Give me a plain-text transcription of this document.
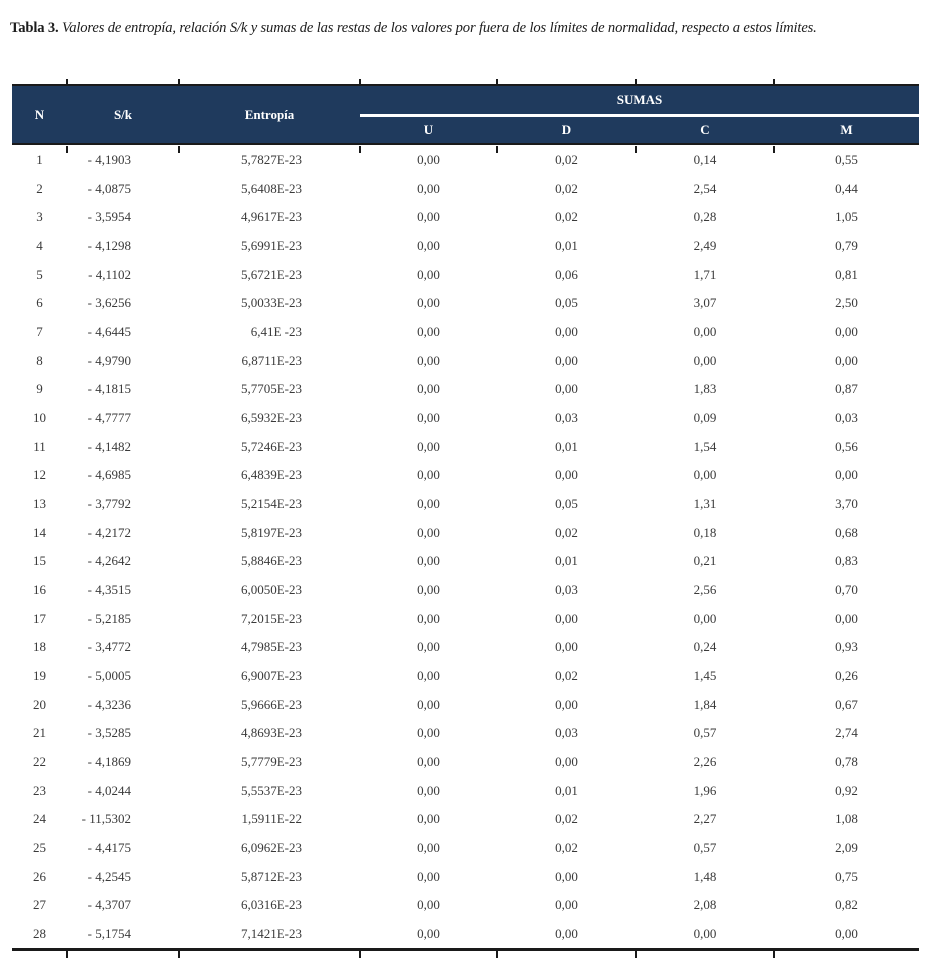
Tabla 3. Valores de entropía, relación S/k y sumas de las restas de los valores por fuera de los límites de normalidad, respecto a estos límites.

N	S/k	Entropía	SUMAS			
			U	D	C	M
1	- 4,1903	5,7827E-23	0,00	0,02	0,14	0,55
2	- 4,0875	5,6408E-23	0,00	0,02	2,54	0,44
3	- 3,5954	4,9617E-23	0,00	0,02	0,28	1,05
4	- 4,1298	5,6991E-23	0,00	0,01	2,49	0,79
5	- 4,1102	5,6721E-23	0,00	0,06	1,71	0,81
6	- 3,6256	5,0033E-23	0,00	0,05	3,07	2,50
7	- 4,6445	6,41E -23	0,00	0,00	0,00	0,00
8	- 4,9790	6,8711E-23	0,00	0,00	0,00	0,00
9	- 4,1815	5,7705E-23	0,00	0,00	1,83	0,87
10	- 4,7777	6,5932E-23	0,00	0,03	0,09	0,03
11	- 4,1482	5,7246E-23	0,00	0,01	1,54	0,56
12	- 4,6985	6,4839E-23	0,00	0,00	0,00	0,00
13	- 3,7792	5,2154E-23	0,00	0,05	1,31	3,70
14	- 4,2172	5,8197E-23	0,00	0,02	0,18	0,68
15	- 4,2642	5,8846E-23	0,00	0,01	0,21	0,83
16	- 4,3515	6,0050E-23	0,00	0,03	2,56	0,70
17	- 5,2185	7,2015E-23	0,00	0,00	0,00	0,00
18	- 3,4772	4,7985E-23	0,00	0,00	0,24	0,93
19	- 5,0005	6,9007E-23	0,00	0,02	1,45	0,26
20	- 4,3236	5,9666E-23	0,00	0,00	1,84	0,67
21	- 3,5285	4,8693E-23	0,00	0,03	0,57	2,74
22	- 4,1869	5,7779E-23	0,00	0,00	2,26	0,78
23	- 4,0244	5,5537E-23	0,00	0,01	1,96	0,92
24	- 11,5302	1,5911E-22	0,00	0,02	2,27	1,08
25	- 4,4175	6,0962E-23	0,00	0,02	0,57	2,09
26	- 4,2545	5,8712E-23	0,00	0,00	1,48	0,75
27	- 4,3707	6,0316E-23	0,00	0,00	2,08	0,82
28	- 5,1754	7,1421E-23	0,00	0,00	0,00	0,00
